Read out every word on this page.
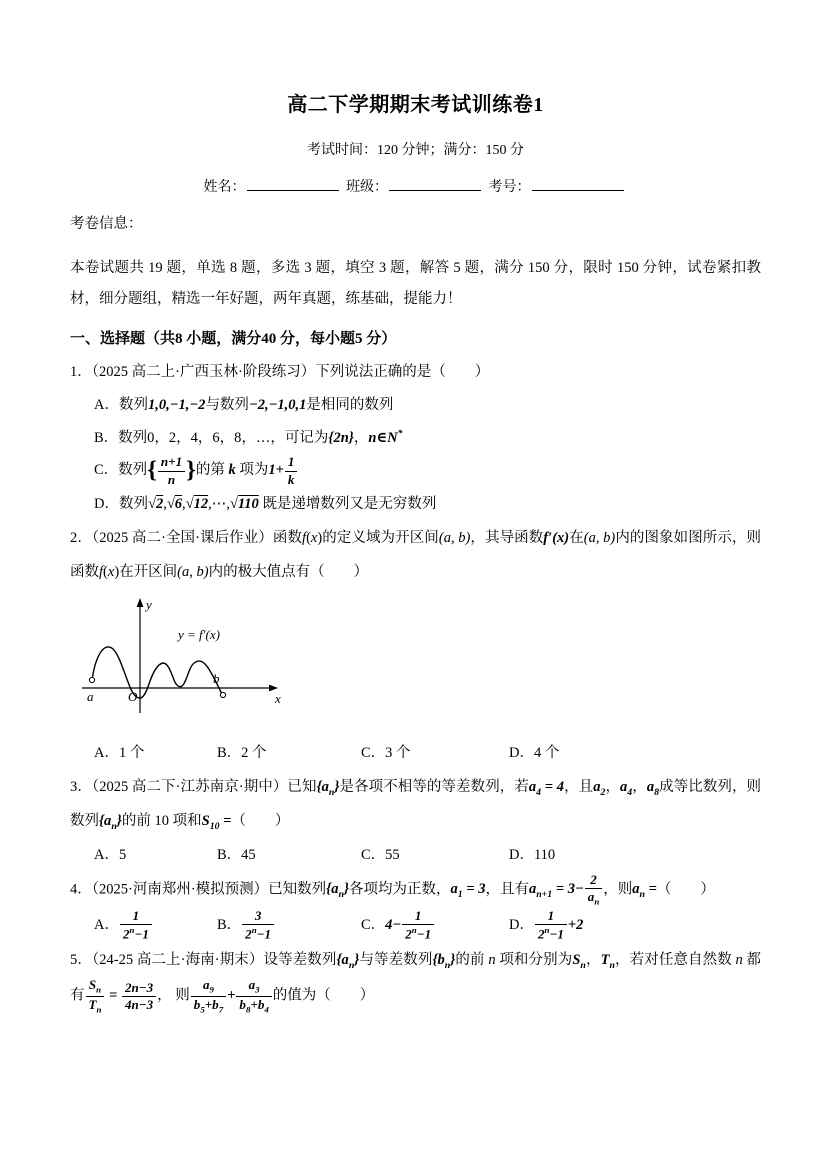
高二下学期期末考试训练卷1

考试时间：120 分钟；满分：150 分

姓名：	班级：	考号：

考卷信息：

本卷试题共 19 题，单选 8 题，多选 3 题，填空 3 题，解答 5 题，满分 150 分，限时 150 分钟，试卷紧扣教材，细分题组，精选一年好题，两年真题，练基础，提能力！

一、选择题（共8 小题，满分40 分，每小题5 分）

1．（2025 高二上·广西玉林·阶段练习）下列说法正确的是（　　）

A．数列1,0,−1,−2与数列−2,−1,0,1是相同的数列

B．数列0，2，4，6，8，…，可记为{2n}，n∈N*

C．数列{ $\frac{n+1}{n}$ }的第 k 项为$1+ \frac{1}{k}$

D．数列√2,√6,√12,⋯,√110 既是递增数列又是无穷数列

2．（2025 高二·全国·课后作业）函数f(x)的定义域为开区间(a, b)，其导函数f′(x)在(a, b)内的图象如图所示，则函数f(x)在开区间(a, b)内的极大值点有（　　）

y = f′(x)
y
x
O
a
b
A．1 个	B．2 个	C．3 个	D．4 个

3．（2025 高二下·江苏南京·期中）已知$\{a_n\}$是各项不相等的等差数列，若$a_4 = 4$，且$a_2$，$a_4$，$a_8$成等比数列，则数列$\{a_n\}$的前 10 项和$S_{10}$ =（　　）

A．5	B．45	C．55	D．110

4．（2025·河南郑州·模拟预测）已知数列$\{a_n\}$各项均为正数，$a_1 = 3$，且有$a_{n+1} = 3- \frac{2}{a_n}$ ，则$a_n$ =（　　）

A． $\frac{1}{2^n-1}$	B． $\frac{3}{2^n-1}$	C．$4- \frac{1}{2^n-1}$	D． $\frac{1}{2^n-1} +2$

5．（24-25 高二上·海南·期末）设等差数列$\{a_n\}$与等差数列$\{b_n\}$的前 n 项和分别为$S_n$，$T_n$，若对任意自然数 n 都有 $\frac{S_n}{T_n} = \frac{2n-3}{4n-3}$ ， 则 $\frac{a_9}{b_5+b_7} + \frac{a_3}{b_8+b_4}$ 的值为（　　）
